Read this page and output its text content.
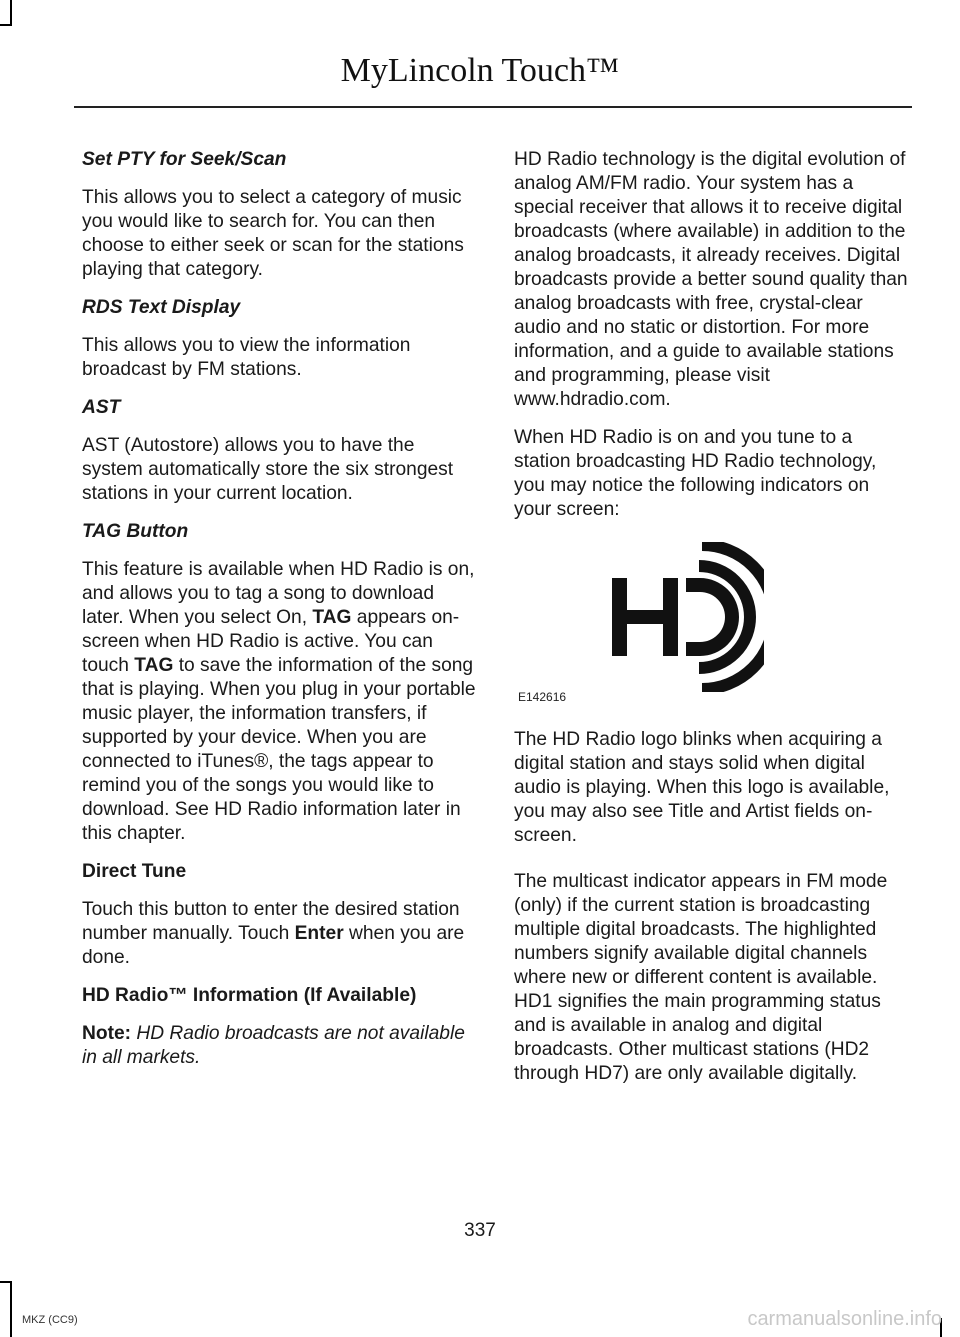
MyLincoln Touch™

Set PTY for Seek/Scan

This allows you to select a category of music you would like to search for. You can then choose to either seek or scan for the stations playing that category.

RDS Text Display

This allows you to view the information broadcast by FM stations.

AST

AST (Autostore) allows you to have the system automatically store the six strongest stations in your current location.

TAG Button

This feature is available when HD Radio is on, and allows you to tag a song to download later. When you select On, TAG appears on-screen when HD Radio is active. You can touch TAG to save the information of the song that is playing. When you plug in your portable music player, the information transfers, if supported by your device. When you are connected to iTunes®, the tags appear to remind you of the songs you would like to download. See HD Radio information later in this chapter.

Direct Tune

Touch this button to enter the desired station number manually. Touch Enter when you are done.

HD Radio™ Information (If Available)

Note: HD Radio broadcasts are not available in all markets.

HD Radio technology is the digital evolution of analog AM/FM radio. Your system has a special receiver that allows it to receive digital broadcasts (where available) in addition to the analog broadcasts, it already receives. Digital broadcasts provide a better sound quality than analog broadcasts with free, crystal-clear audio and no static or distortion. For more information, and a guide to available stations and programming, please visit www.hdradio.com.

When HD Radio is on and you tune to a station broadcasting HD Radio technology, you may notice the following indicators on your screen:

E142616

The HD Radio logo blinks when acquiring a digital station and stays solid when digital audio is playing. When this logo is available, you may also see Title and Artist fields on-screen.

The multicast indicator appears in FM mode (only) if the current station is broadcasting multiple digital broadcasts. The highlighted numbers signify available digital channels where new or different content is available. HD1 signifies the main programming status and is available in analog and digital broadcasts. Other multicast stations (HD2 through HD7) are only available digitally.

337
MKZ (CC9)	carmanualsonline.info
